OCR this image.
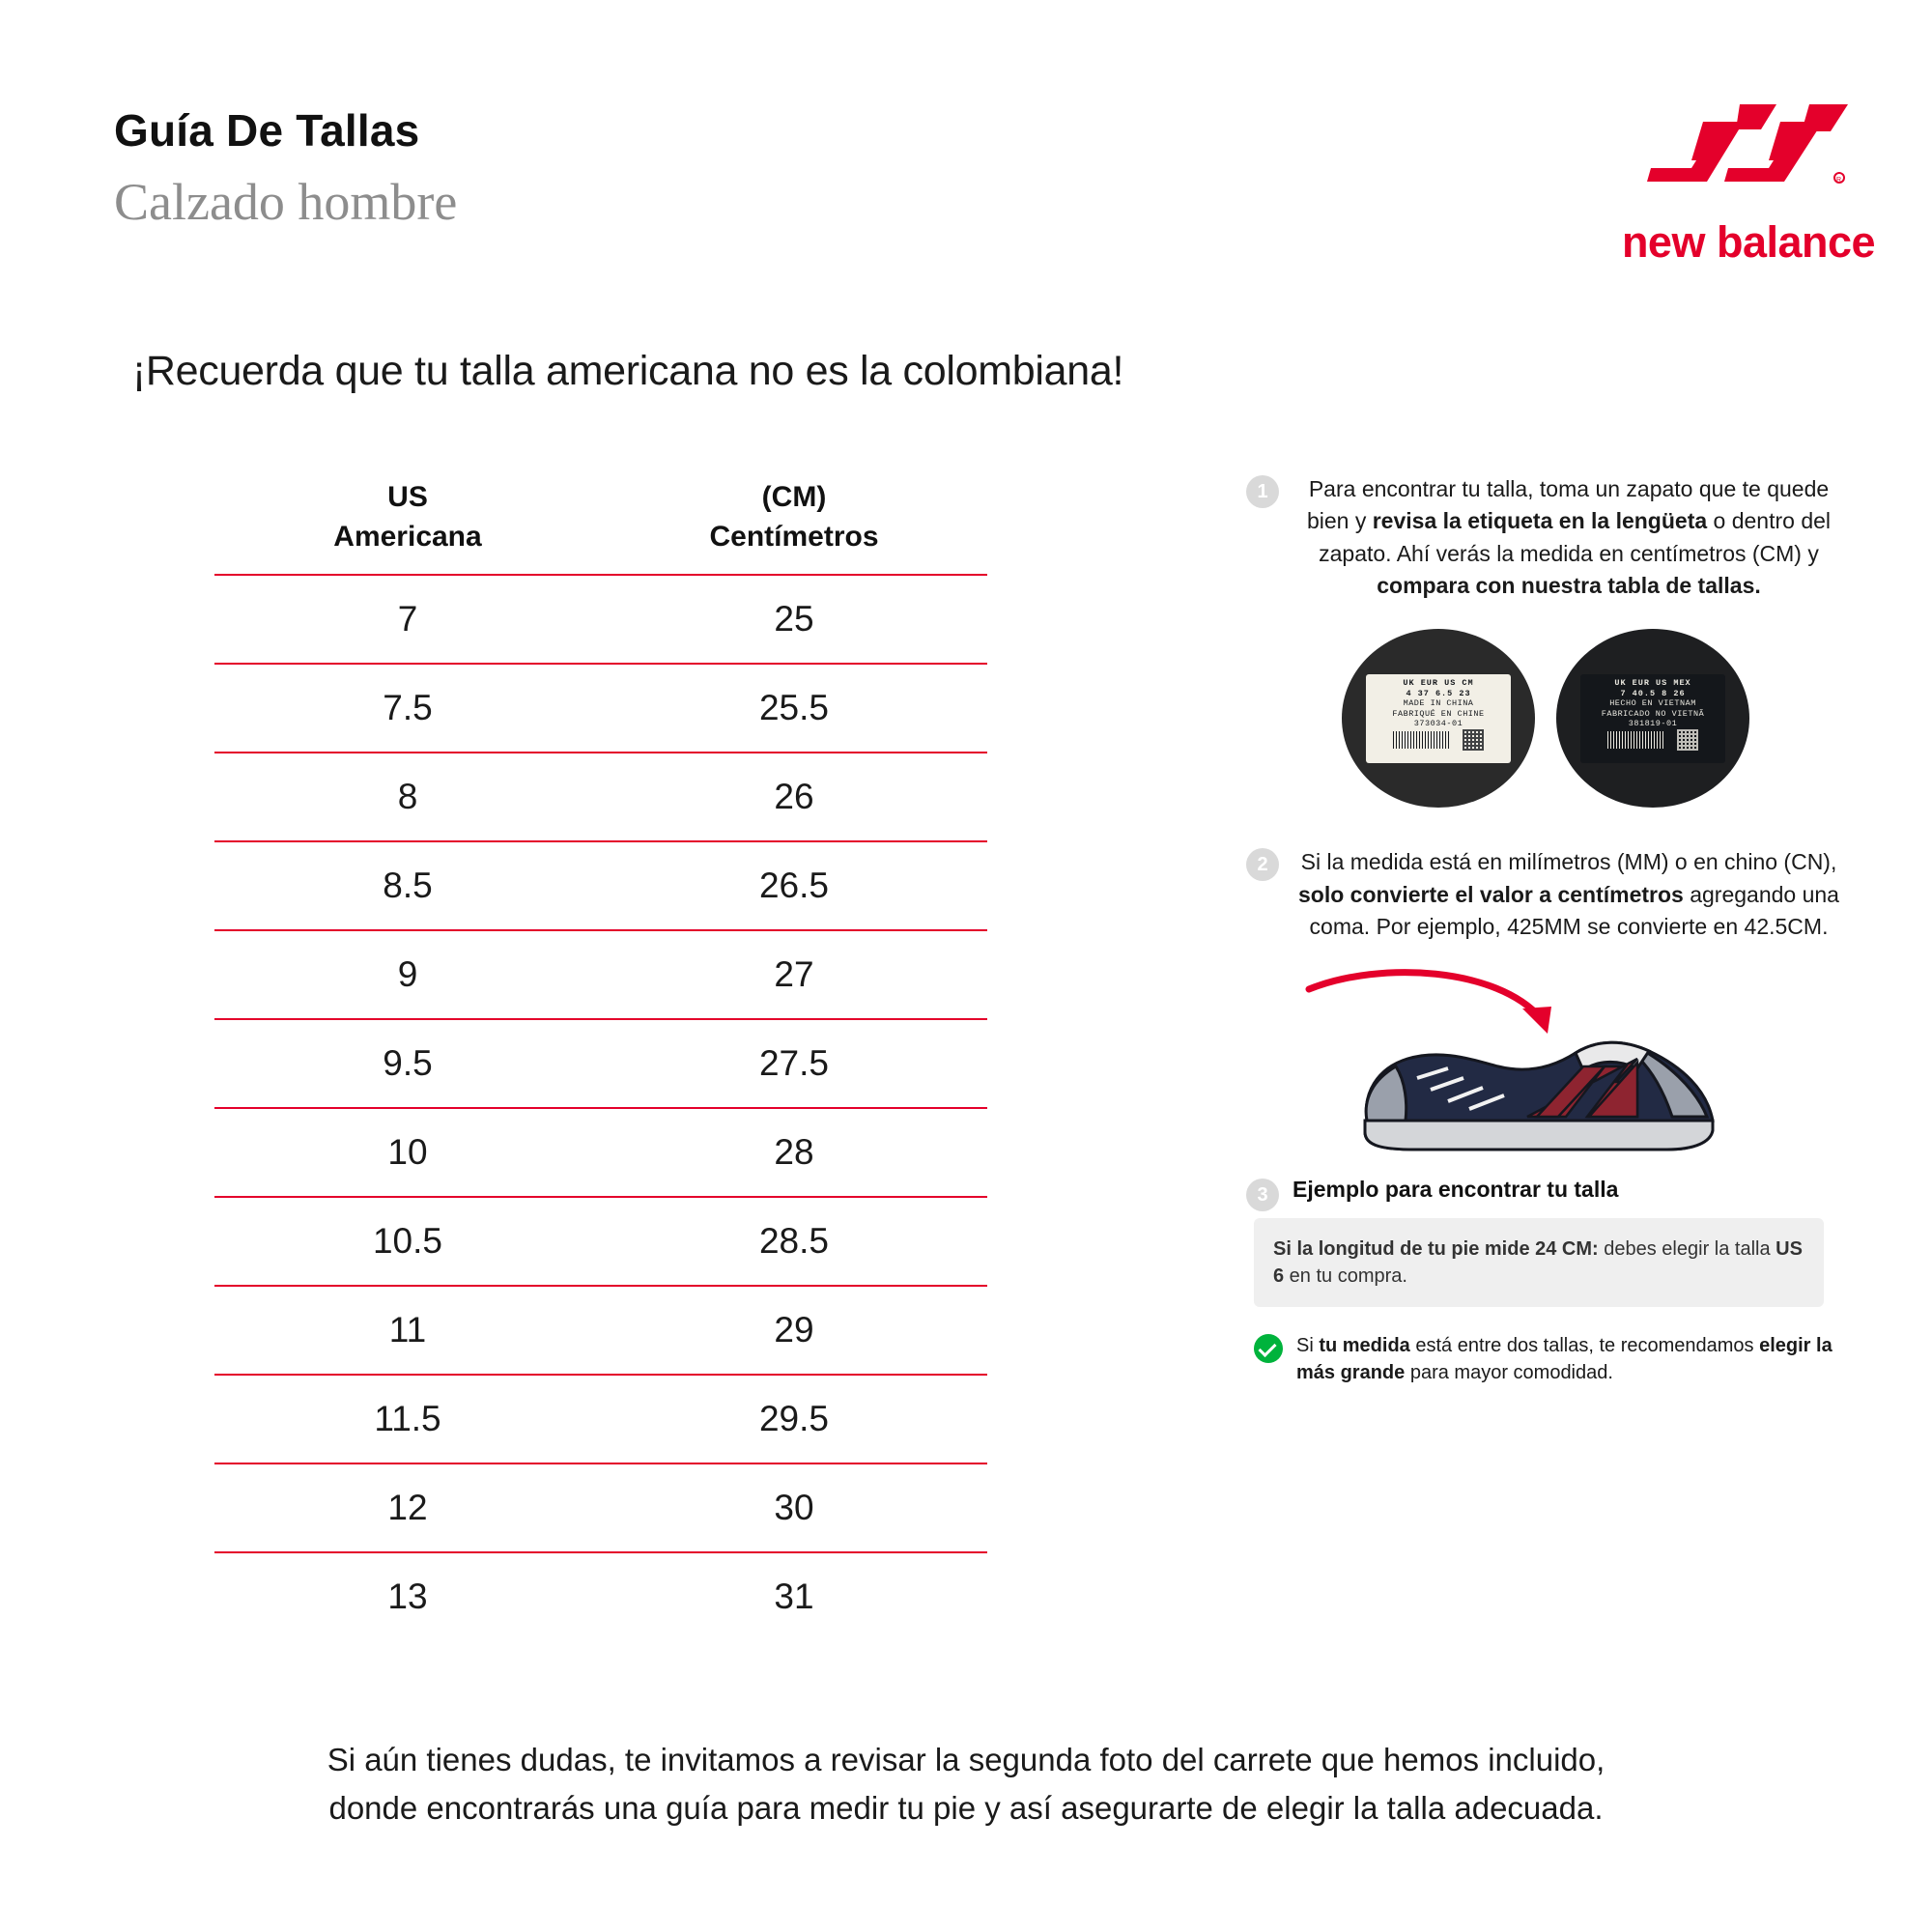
Guía De Tallas
Calzado hombre	R
new balance
¡Recuerda que tu talla americana no es la colombiana!
US
Americana

(CM)
Centímetros

7	25
7.5	25.5
8	26
8.5	26.5
9	27
9.5	27.5
10	28
10.5	28.5
11	29
11.5	29.5
12	30
13	31
1	Para encontrar tu talla, toma un zapato que te quede bien y revisa la etiqueta en la lengüeta o dentro del zapato. Ahí verás la medida en centímetros (CM) y compara con nuestra tabla de tallas.
UK EUR US CM
4 37 6.5 23
MADE IN CHINA
FABRIQUÉ EN CHINE
373034-01

UK EUR US MEX
7 40.5 8 26
HECHO EN VIETNAM
FABRICADO NO VIETNÃ
381819-01

2	Si la medida está en milímetros (MM) o en chino (CN), solo convierte el valor a centímetros agregando una coma. Por ejemplo, 425MM se convierte en 42.5CM.
3	Ejemplo para encontrar tu talla
Si la longitud de tu pie mide 24 CM: debes elegir la talla US 6 en tu compra.
Si tu medida está entre dos tallas, te recomendamos elegir la más grande para mayor comodidad.
Si aún tienes dudas, te invitamos a revisar la segunda foto del carrete que hemos incluido,
donde encontrarás una guía para medir tu pie y así asegurarte de elegir la talla adecuada.
